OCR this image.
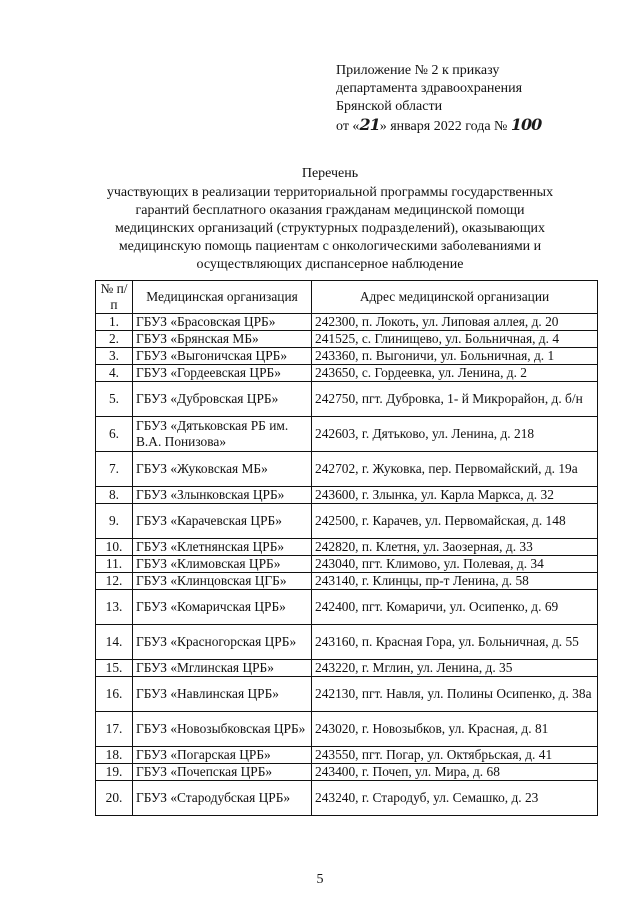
Приложение № 2 к приказу
департамента здравоохранения
Брянской области
от «21» января 2022 года № 100
Перечень
участвующих в реализации территориальной программы государственных гарантий бесплатного оказания гражданам медицинской помощи медицинских организаций (структурных подразделений), оказывающих медицинскую помощь пациентам с онкологическими заболеваниями и осуществляющих диспансерное наблюдение
№ п/п	Медицинская организация	Адрес медицинской организации
1.	ГБУЗ «Брасовская ЦРБ»	242300, п. Локоть, ул. Липовая аллея, д. 20
2.	ГБУЗ «Брянская МБ»	241525, с. Глинищево, ул. Больничная, д. 4
3.	ГБУЗ «Выгоничская ЦРБ»	243360, п. Выгоничи, ул. Больничная, д. 1
4.	ГБУЗ «Гордеевская ЦРБ»	243650, с. Гордеевка, ул. Ленина, д. 2
5.	ГБУЗ «Дубровская ЦРБ»	242750, пгт. Дубровка, 1- й Микрорайон, д. б/н
6.	ГБУЗ «Дятьковская РБ им. В.А. Понизова»	242603, г. Дятьково, ул. Ленина, д. 218
7.	ГБУЗ «Жуковская МБ»	242702, г. Жуковка, пер. Первомайский, д. 19а
8.	ГБУЗ «Злынковская ЦРБ»	243600, г. Злынка, ул. Карла Маркса, д. 32
9.	ГБУЗ «Карачевская ЦРБ»	242500, г. Карачев, ул. Первомайская, д. 148
10.	ГБУЗ «Клетнянская ЦРБ»	242820, п. Клетня, ул. Заозерная, д. 33
11.	ГБУЗ «Климовская ЦРБ»	243040, пгт. Климово, ул. Полевая, д. 34
12.	ГБУЗ «Клинцовская ЦГБ»	243140, г. Клинцы, пр-т Ленина, д. 58
13.	ГБУЗ «Комаричская ЦРБ»	242400, пгт. Комаричи, ул. Осипенко, д. 69
14.	ГБУЗ «Красногорская ЦРБ»	243160, п. Красная Гора, ул. Больничная, д. 55
15.	ГБУЗ «Мглинская ЦРБ»	243220, г. Мглин, ул. Ленина, д. 35
16.	ГБУЗ «Навлинская ЦРБ»	242130, пгт. Навля, ул. Полины Осипенко, д. 38а
17.	ГБУЗ «Новозыбковская ЦРБ»	243020, г. Новозыбков, ул. Красная, д. 81
18.	ГБУЗ «Погарская ЦРБ»	243550, пгт. Погар, ул. Октябрьская, д. 41
19.	ГБУЗ «Почепская ЦРБ»	243400, г. Почеп, ул. Мира, д. 68
20.	ГБУЗ «Стародубская ЦРБ»	243240, г. Стародуб, ул. Семашко, д. 23
5
